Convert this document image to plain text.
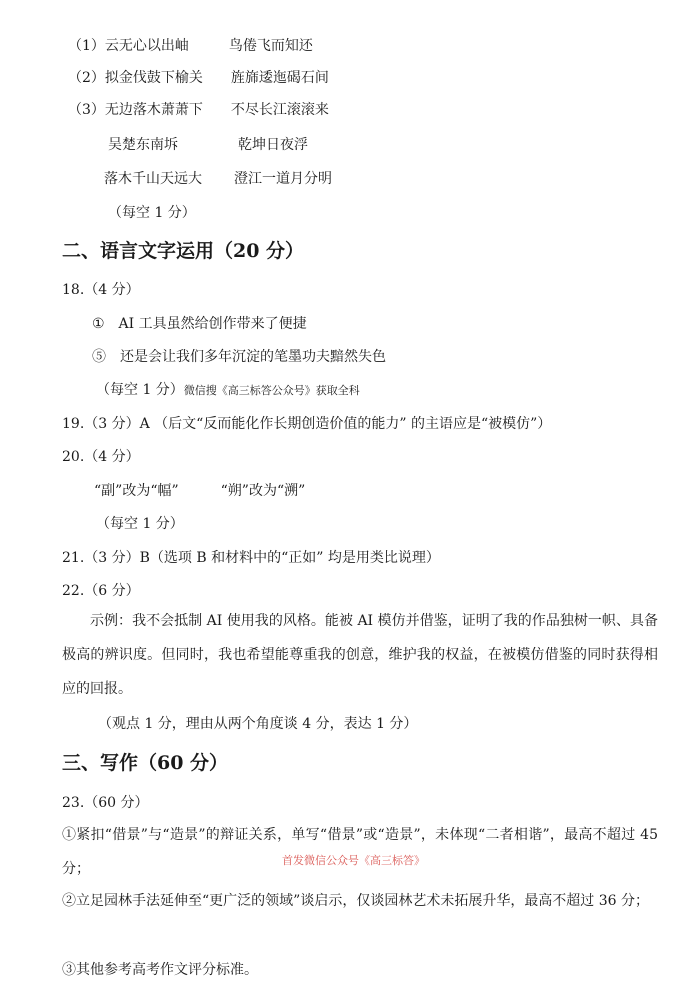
（1）云无心以出岫	鸟倦飞而知还
（2）拟金伐鼓下榆关 旌旆逶迤碣石间
（3）无边落木萧萧下 不尽长江滚滚来
吴楚东南坼	乾坤日夜浮
落木千山天远大 澄江一道月分明
（每空 1 分）
二、语言文字运用（20 分）
18.（4 分）
①　AI 工具虽然给创作带来了便捷
⑤　还是会让我们多年沉淀的笔墨功夫黯然失色
（每空 1 分）微信搜《高三标答公众号》获取全科
19.（3 分）A （后文“反而能化作长期创造价值的能力” 的主语应是“被模仿”）
20.（4 分）
“副”改为“幅”	“朔”改为“溯”
（每空 1 分）
21.（3 分）B（选项 B 和材料中的“正如” 均是用类比说理）
22.（6 分）
示例：我不会抵制 AI 使用我的风格。能被 AI 模仿并借鉴，证明了我的作品独树一帜、具备极高的辨识度。但同时，我也希望能尊重我的创意，维护我的权益，在被模仿借鉴的同时获得相应的回报。
（观点 1 分，理由从两个角度谈 4 分，表达 1 分）
三、写作（60 分）
23.（60 分）
①紧扣“借景”与“造景”的辩证关系，单写“借景”或“造景”，未体现“二者相谐”，最高不超过 45 分；
首发微信公众号《高三标答》
②立足园林手法延伸至“更广泛的领域”谈启示，仅谈园林艺术未拓展升华，最高不超过 36 分；
③其他参考高考作文评分标准。
